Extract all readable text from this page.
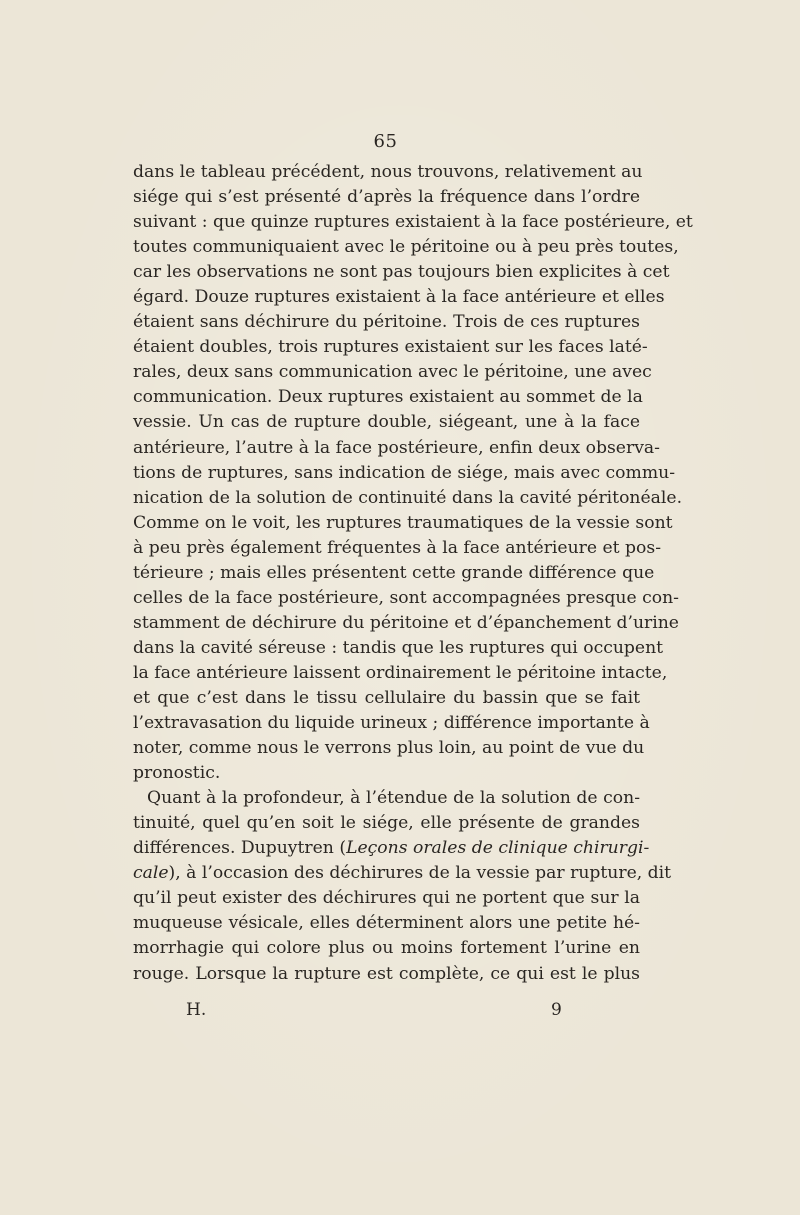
65
dans le tableau précédent, nous trouvons, relativement au
siége qui s’est présenté d’après la fréquence dans l’ordre
suivant : que quinze ruptures existaient à la face postérieure, et
toutes communiquaient avec le péritoine ou à peu près toutes,
car les observations ne sont pas toujours bien explicites à cet
égard. Douze ruptures existaient à la face antérieure et elles
étaient sans déchirure du péritoine. Trois de ces ruptures
étaient doubles, trois ruptures existaient sur les faces laté-
rales, deux sans communication avec le péritoine, une avec
communication. Deux ruptures existaient au sommet de la
vessie. Un cas de rupture double, siégeant, une à la face
antérieure, l’autre à la face postérieure, enfin deux observa-
tions de ruptures, sans indication de siége, mais avec commu-
nication de la solution de continuité dans la cavité péritonéale.
Comme on le voit, les ruptures traumatiques de la vessie sont
à peu près également fréquentes à la face antérieure et pos-
térieure ; mais elles présentent cette grande différence que
celles de la face postérieure, sont accompagnées presque con-
stamment de déchirure du péritoine et d’épanchement d’urine
dans la cavité séreuse : tandis que les ruptures qui occupent
la face antérieure laissent ordinairement le péritoine intacte,
et que c’est dans le tissu cellulaire du bassin que se fait
l’extravasation du liquide urineux ; différence importante à
noter, comme nous le verrons plus loin, au point de vue du
pronostic.
Quant à la profondeur, à l’étendue de la solution de con-
tinuité, quel qu’en soit le siége, elle présente de grandes
différences. Dupuytren (Leçons orales de clinique chirurgi-
cale), à l’occasion des déchirures de la vessie par rupture, dit
qu’il peut exister des déchirures qui ne portent que sur la
muqueuse vésicale, elles déterminent alors une petite hé-
morrhagie qui colore plus ou moins fortement l’urine en
rouge. Lorsque la rupture est complète, ce qui est le plus
H.	9
